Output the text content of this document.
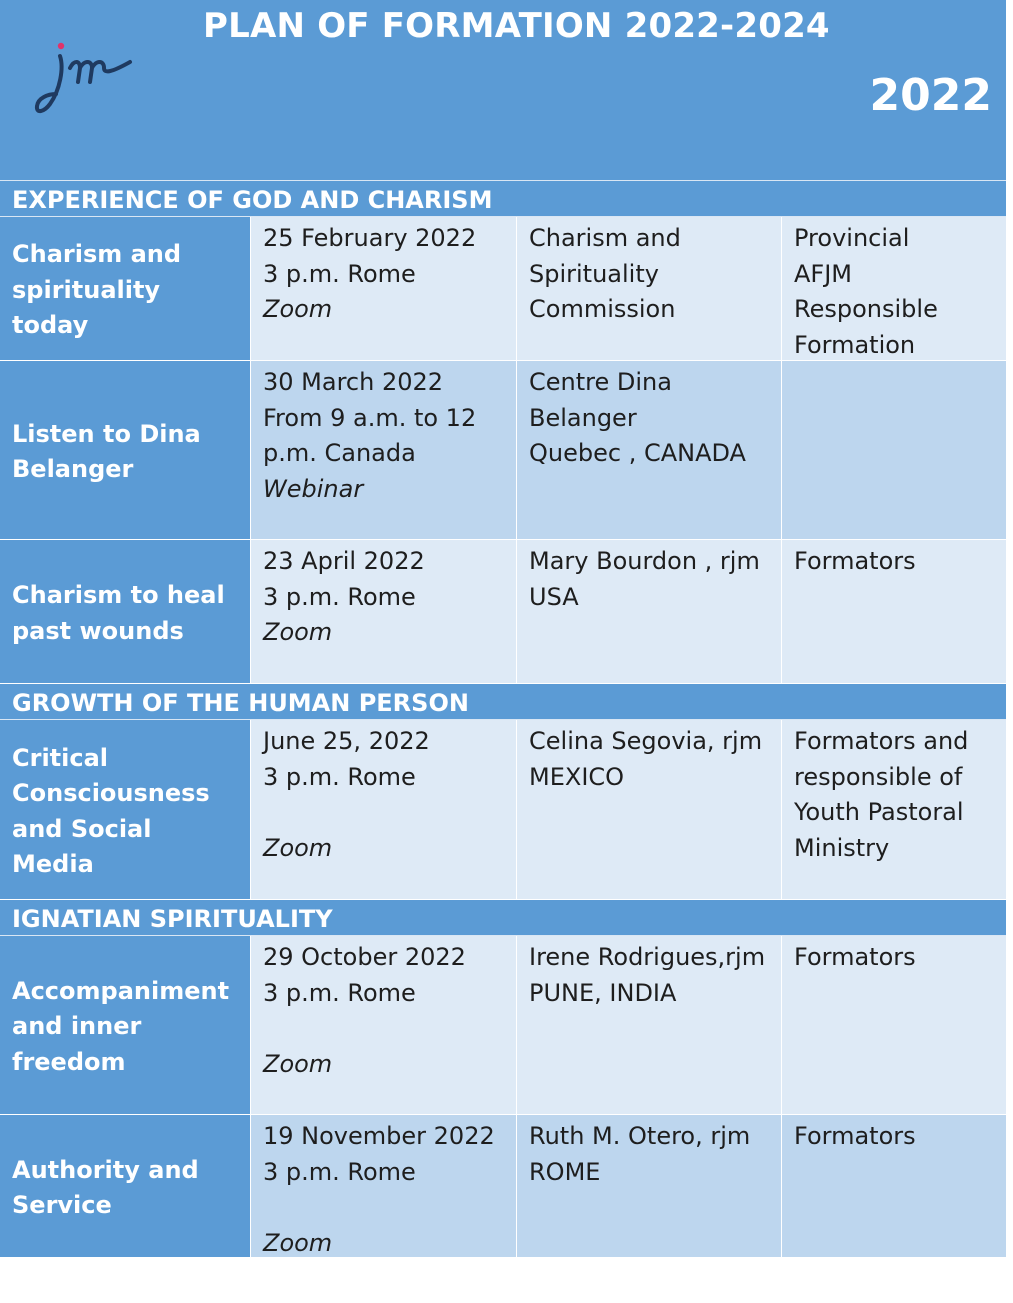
PLAN OF FORMATION 2022-2024
2022
EXPERIENCE OF GOD AND CHARISM
Charism and
spirituality today
25 February 2022
3 p.m. Rome
Zoom
Charism and
Spirituality
Commission
Provincial
AFJM
Responsible
Formation
Listen to Dina
Belanger
30 March 2022
From 9 a.m. to 12
p.m. Canada
Webinar
Centre Dina
Belanger
Quebec , CANADA
Charism to heal
past wounds
23 April 2022
3 p.m. Rome
Zoom
Mary Bourdon , rjm
USA
Formators
GROWTH OF THE HUMAN PERSON
Critical
Consciousness
and Social Media
June 25, 2022
3 p.m. Rome
Zoom
Celina Segovia, rjm
MEXICO
Formators and
responsible of
Youth Pastoral
Ministry
IGNATIAN SPIRITUALITY
Accompaniment
and inner
freedom
29 October 2022
3 p.m. Rome
Zoom
Irene Rodrigues,rjm
PUNE, INDIA
Formators
Authority and
Service
19 November 2022
3 p.m. Rome
Zoom
Ruth M. Otero, rjm
ROME
Formators
